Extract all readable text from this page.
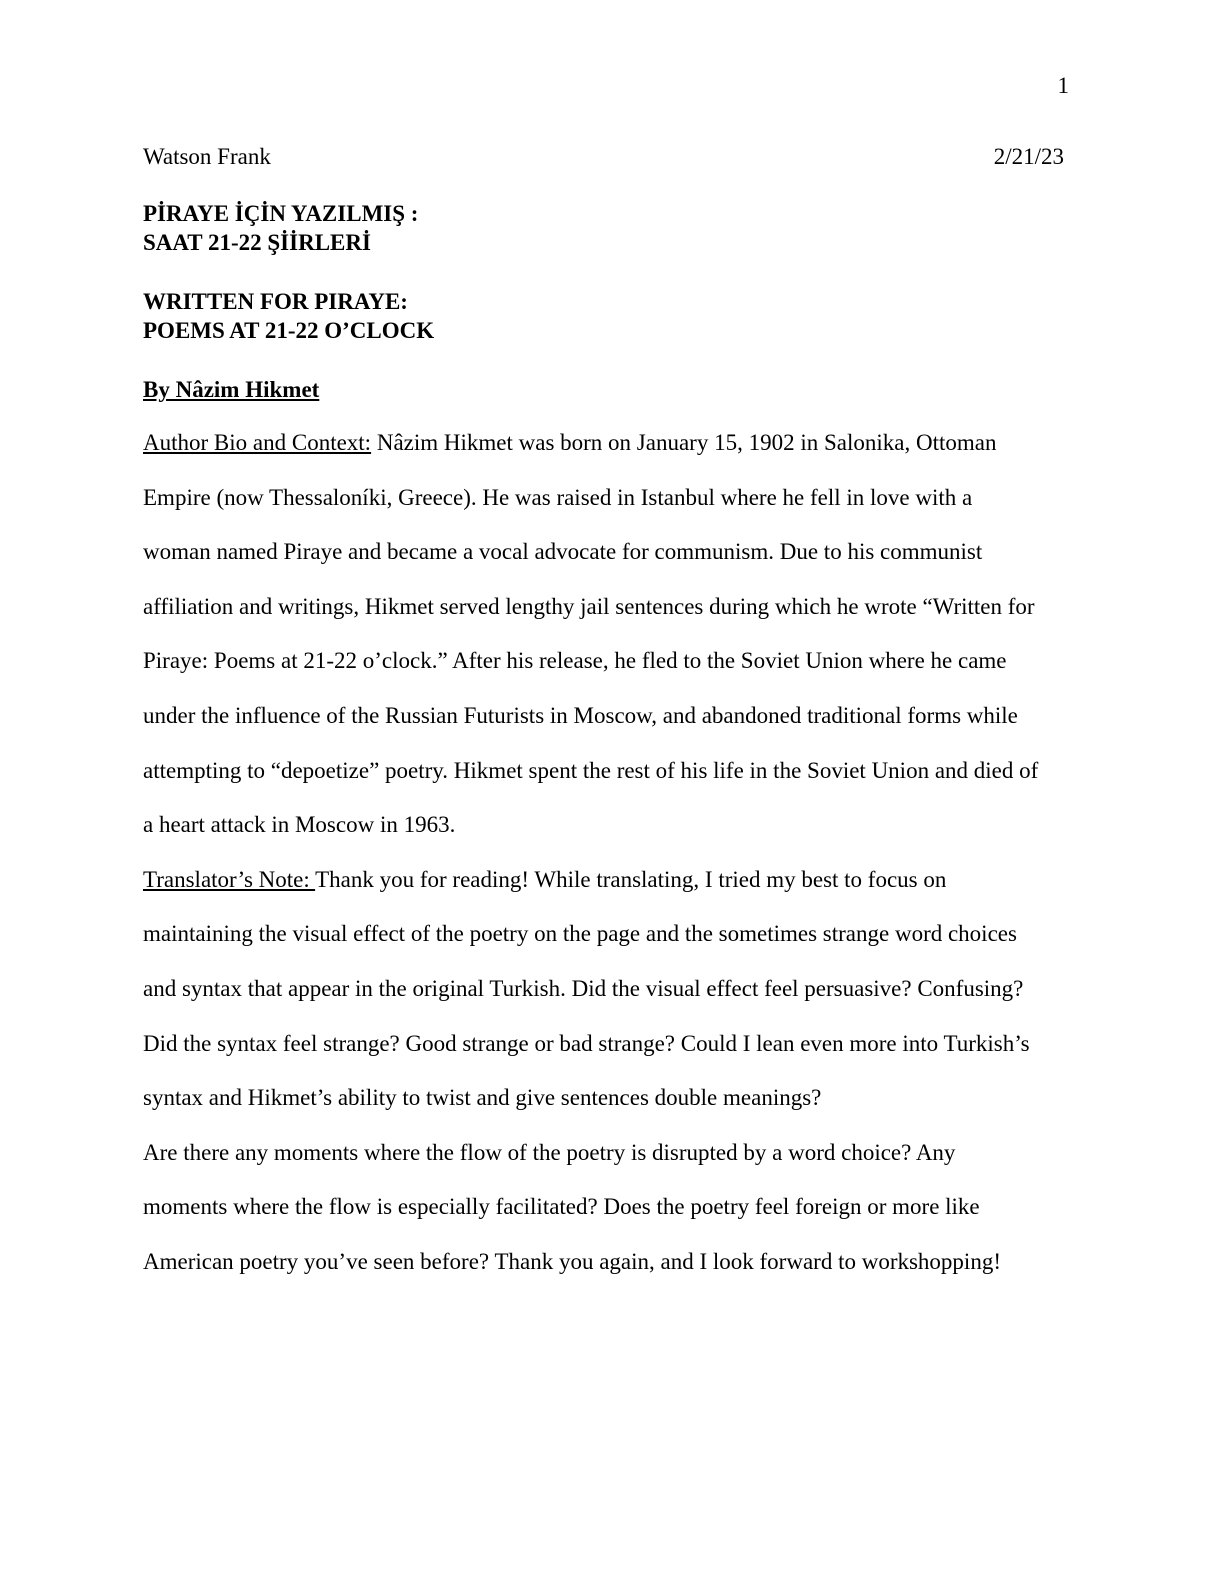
1
Watson Frank	2/21/23
PİRAYE İÇİN YAZILMIŞ :
SAAT 21-22 ŞİİRLERİ
WRITTEN FOR PIRAYE:
POEMS AT 21-22 O’CLOCK
By Nâzim Hikmet

Author Bio and Context: Nâzim Hikmet was born on January 15, 1902 in Salonika, Ottoman
Empire (now Thessaloníki, Greece). He was raised in Istanbul where he fell in love with a
woman named Piraye and became a vocal advocate for communism. Due to his communist
affiliation and writings, Hikmet served lengthy jail sentences during which he wrote “Written for
Piraye: Poems at 21-22 o’clock.” After his release, he fled to the Soviet Union where he came
under the influence of the Russian Futurists in Moscow, and abandoned traditional forms while
attempting to “depoetize” poetry. Hikmet spent the rest of his life in the Soviet Union and died of
a heart attack in Moscow in 1963.

Translator’s Note: Thank you for reading! While translating, I tried my best to focus on
maintaining the visual effect of the poetry on the page and the sometimes strange word choices
and syntax that appear in the original Turkish. Did the visual effect feel persuasive? Confusing?
Did the syntax feel strange? Good strange or bad strange? Could I lean even more into Turkish’s
syntax and Hikmet’s ability to twist and give sentences double meanings?

Are there any moments where the flow of the poetry is disrupted by a word choice? Any
moments where the flow is especially facilitated? Does the poetry feel foreign or more like
American poetry you’ve seen before? Thank you again, and I look forward to workshopping!
